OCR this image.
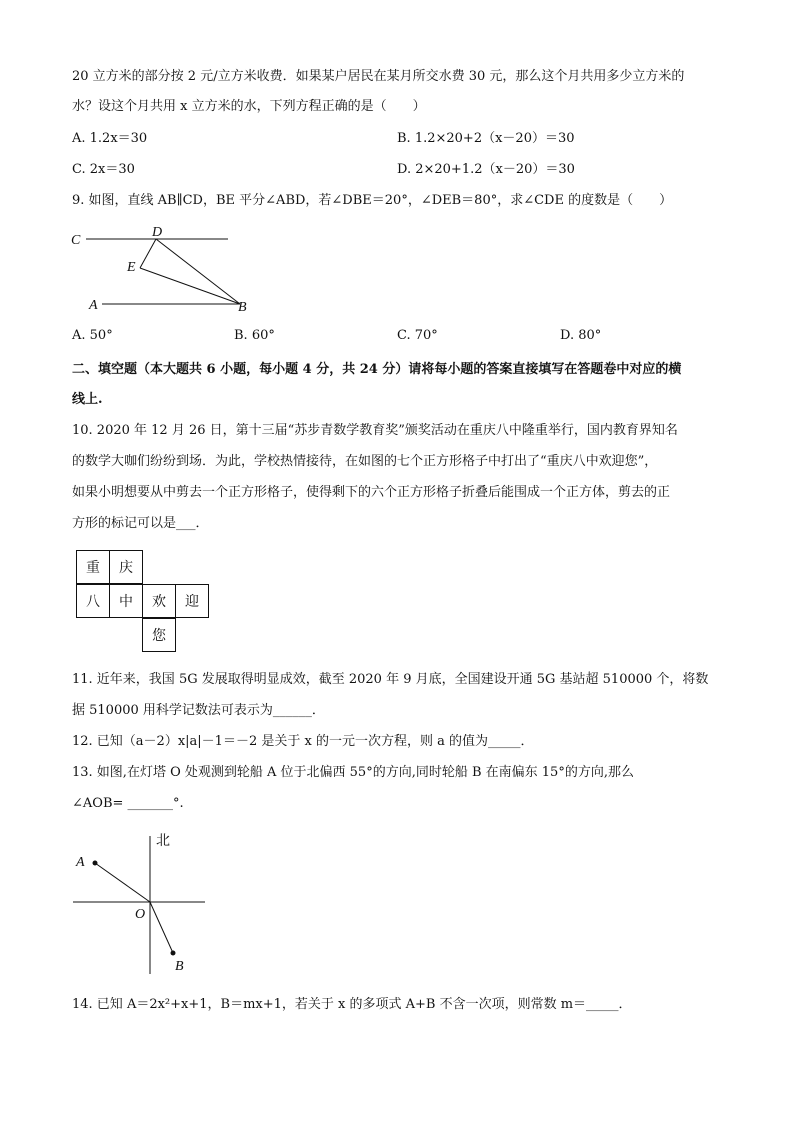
20 立方米的部分按 2 元/立方米收费．如果某户居民在某月所交水费 30 元，那么这个月共用多少立方米的
水？设这个月共用 x 立方米的水，下列方程正确的是（　　）
A. 1.2x＝30	B. 1.2×20+2（x－20）＝30
C. 2x＝30	D. 2×20+1.2（x－20）＝30
9. 如图，直线 AB∥CD，BE 平分∠ABD，若∠DBE＝20°，∠DEB＝80°，求∠CDE 的度数是（　　）
C
D
E
A	B
A. 50°	B. 60°	C. 70°	D. 80°
二、填空题（本大题共 6 小题，每小题 4 分，共 24 分）请将每小题的答案直接填写在答题卷中对应的横
线上.
10. 2020 年 12 月 26 日，第十三届“苏步青数学教育奖”颁奖活动在重庆八中隆重举行，国内教育界知名
的数学大咖们纷纷到场．为此，学校热情接待，在如图的七个正方形格子中打出了“重庆八中欢迎您”，
如果小明想要从中剪去一个正方形格子，使得剩下的六个正方形格子折叠后能围成一个正方体，剪去的正
方形的标记可以是___．
重	庆
八	中	欢	迎
您
11. 近年来，我国 5G 发展取得明显成效，截至 2020 年 9 月底，全国建设开通 5G 基站超 510000 个，将数
据 510000 用科学记数法可表示为______．
12. 已知（a－2）x|a|－1＝－2 是关于 x 的一元一次方程，则 a 的值为_____．
13. 如图,在灯塔 O 处观测到轮船 A 位于北偏西 55°的方向,同时轮船 B 在南偏东 15°的方向,那么
∠AOB= _______°.
北
A
O
B
14. 已知 A＝2x²+x+1，B＝mx+1，若关于 x 的多项式 A+B 不含一次项，则常数 m＝_____．
